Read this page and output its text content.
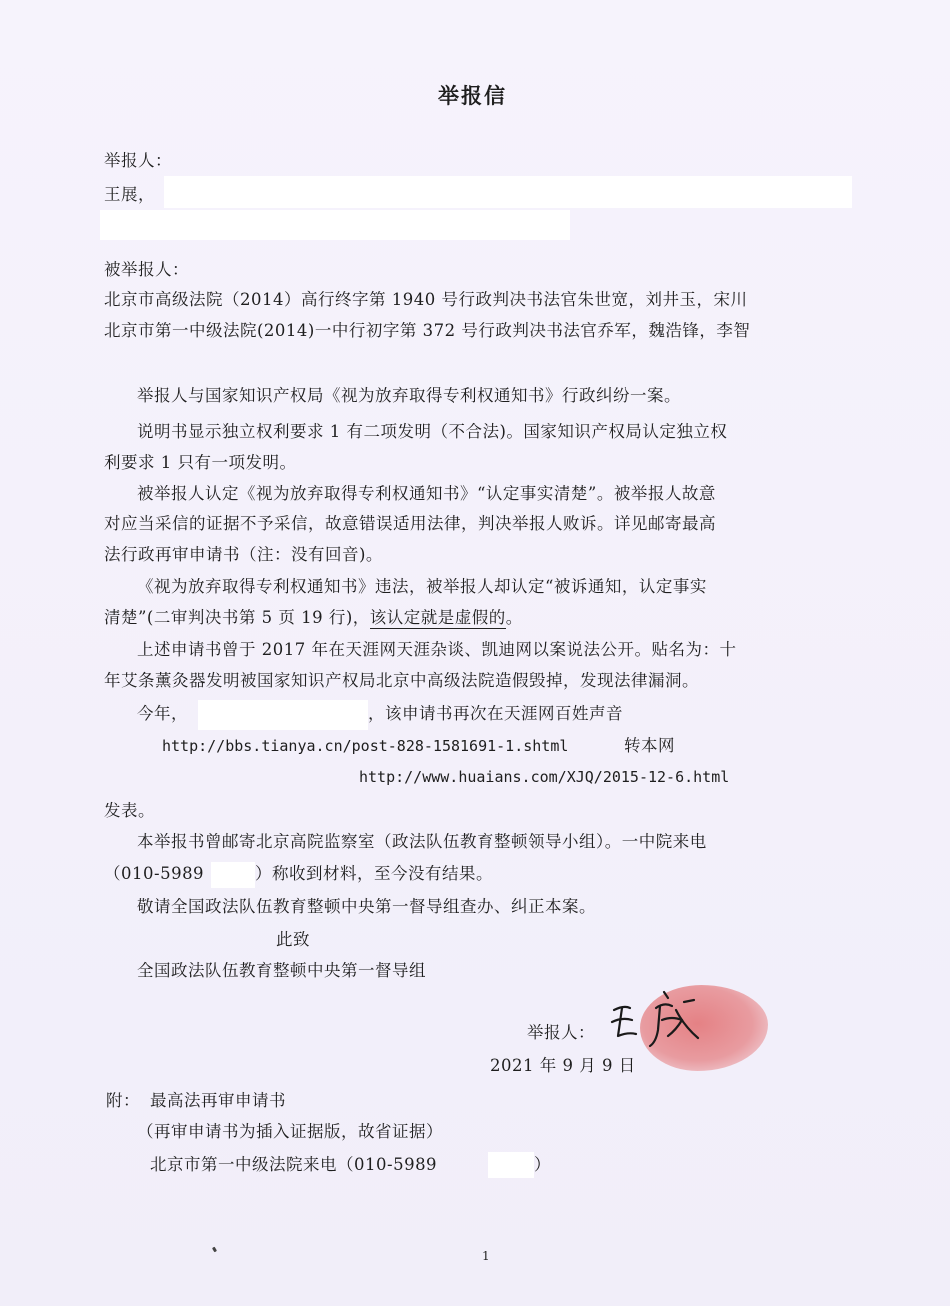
举报信
举报人：
王展，
被举报人：
北京市高级法院（2014）高行终字第 1940 号行政判决书法官朱世宽，刘井玉，宋川
北京市第一中级法院(2014)一中行初字第 372 号行政判决书法官乔军，魏浩锋，李智
举报人与国家知识产权局《视为放弃取得专利权通知书》行政纠纷一案。
说明书显示独立权利要求 1 有二项发明（不合法)。国家知识产权局认定独立权
利要求 1 只有一项发明。
被举报人认定《视为放弃取得专利权通知书》“认定事实清楚”。被举报人故意
对应当采信的证据不予采信，故意错误适用法律，判决举报人败诉。详见邮寄最高
法行政再审申请书（注：没有回音)。
《视为放弃取得专利权通知书》违法，被举报人却认定“被诉通知，认定事实
清楚”(二审判决书第 5 页 19 行)，该认定就是虚假的。
上述申请书曾于 2017 年在天涯网天涯杂谈、凯迪网以案说法公开。贴名为：十
年艾条薰灸器发明被国家知识产权局北京中高级法院造假毁掉，发现法律漏洞。
今年，	，该申请书再次在天涯网百姓声音
http://bbs.tianya.cn/post-828-1581691-1.shtml	转本网
http://www.huaians.com/XJQ/2015-12-6.html
发表。
本举报书曾邮寄北京高院监察室（政法队伍教育整顿领导小组）。一中院来电
（010-5989	）称收到材料，至今没有结果。
敬请全国政法队伍教育整顿中央第一督导组查办、纠正本案。
此致
全国政法队伍教育整顿中央第一督导组
举报人：
2021 年 9 月 9 日
附： 最高法再审申请书
（再审申请书为插入证据版，故省证据）
北京市第一中级法院来电（010-5989	）
1
